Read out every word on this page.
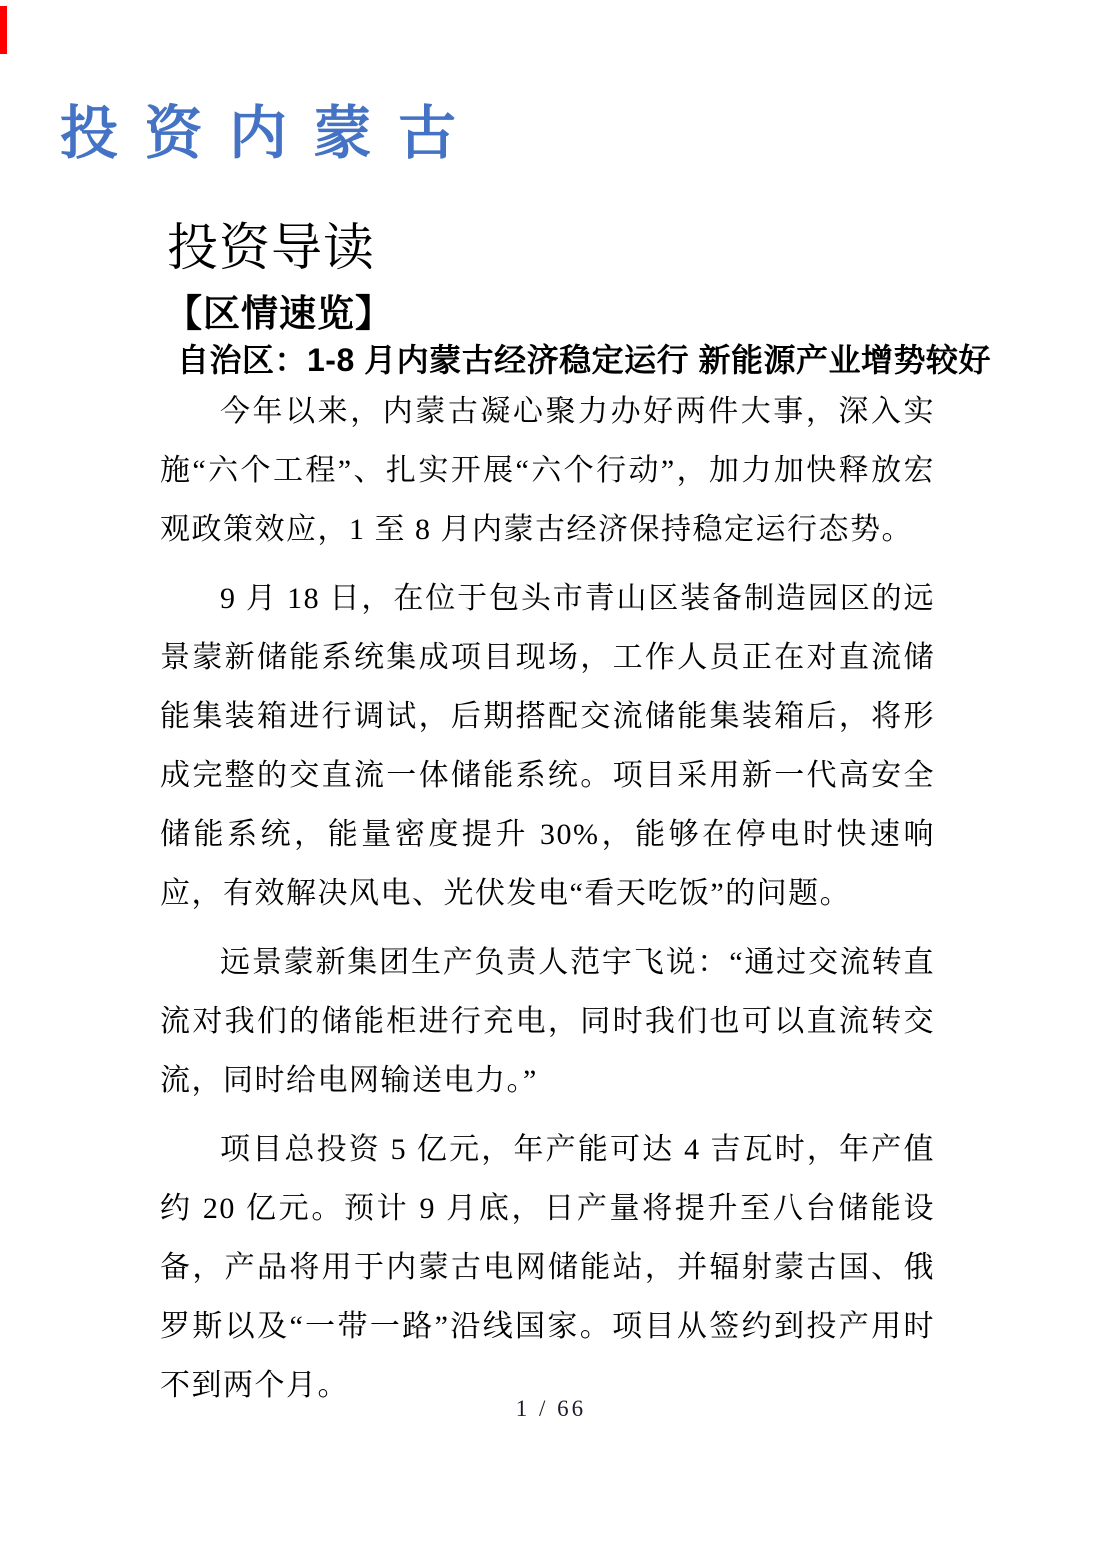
投 资 内 蒙 古
投资导读
【区情速览】
自治区：1-8 月内蒙古经济稳定运行 新能源产业增势较好

今年以来，内蒙古凝心聚力办好两件大事，深入实施“六个工程”、扎实开展“六个行动”，加力加快释放宏观政策效应，1 至 8 月内蒙古经济保持稳定运行态势。

9 月 18 日，在位于包头市青山区装备制造园区的远景蒙新储能系统集成项目现场，工作人员正在对直流储能集装箱进行调试，后期搭配交流储能集装箱后，将形成完整的交直流一体储能系统。项目采用新一代高安全储能系统，能量密度提升 30%，能够在停电时快速响应，有效解决风电、光伏发电“看天吃饭”的问题。

远景蒙新集团生产负责人范宇飞说：“通过交流转直流对我们的储能柜进行充电，同时我们也可以直流转交流，同时给电网输送电力。”

项目总投资 5 亿元，年产能可达 4 吉瓦时，年产值约 20 亿元。预计 9 月底，日产量将提升至八台储能设备，产品将用于内蒙古电网储能站，并辐射蒙古国、俄罗斯以及“一带一路”沿线国家。项目从签约到投产用时不到两个月。

1 / 66
